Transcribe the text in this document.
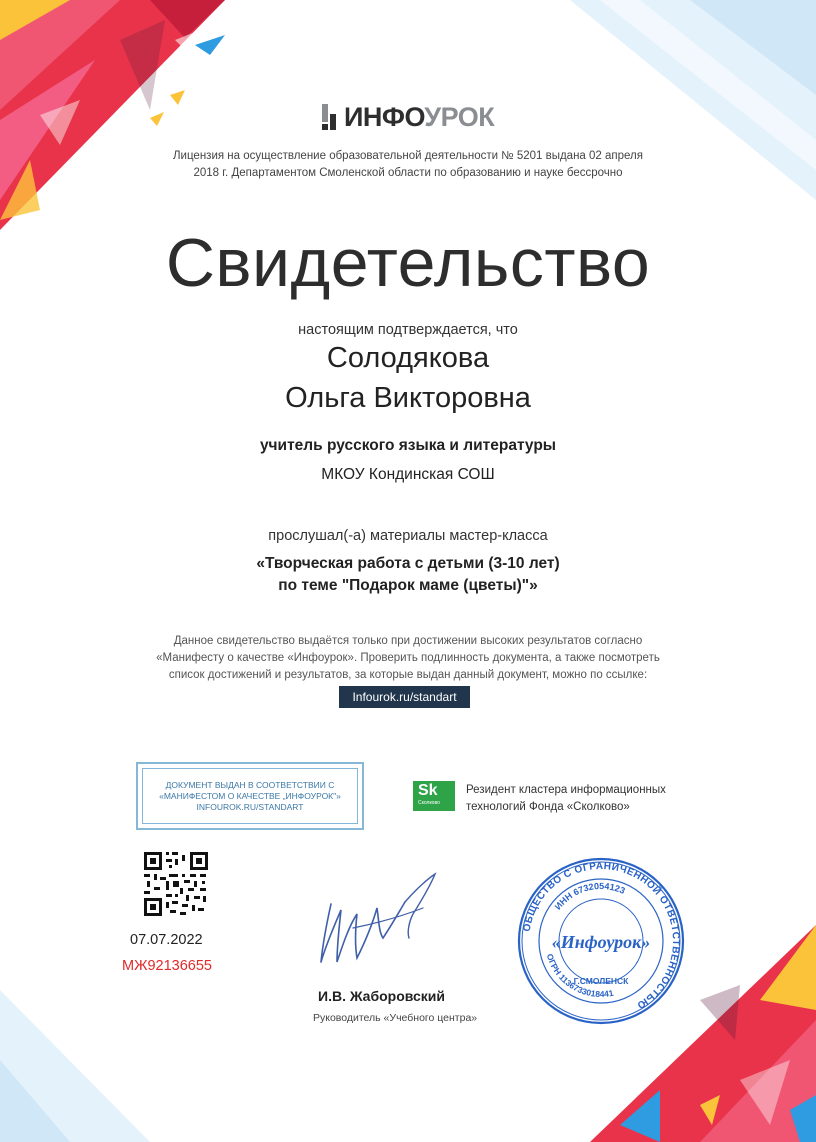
ИНФОУРОК
Лицензия на осуществление образовательной деятельности № 5201 выдана 02 апреля
2018 г. Департаментом Смоленской области по образованию и науке бессрочно
Свидетельство
настоящим подтверждается, что
Солодякова
Ольга Викторовна
учитель русского языка и литературы
МКОУ Кондинская СОШ
прослушал(-а) материалы мастер-класса
«Творческая работа с детьми (3-10 лет)
по теме "Подарок маме (цветы)"»
Данное свидетельство выдаётся только при достижении высоких результатов согласно
«Манифесту о качестве «Инфоурок». Проверить подлинность документа, а также посмотреть
список достижений и результатов, за которые выдан данный документ, можно по ссылке:
Infourok.ru/standart
ДОКУМЕНТ ВЫДАН В СООТВЕТСТВИИ С
«МАНИФЕСТОМ О КАЧЕСТВЕ „ИНФОУРОК"»
INFOUROK.RU/STANDART
Sk
Сколково
Резидент кластера информационных
технологий Фонда «Сколково»
07.07.2022
МЖ92136655
И.В. Жаборовский
Руководитель «Учебного центра»
ОБЩЕСТВО С ОГРАНИЧЕННОЙ ОТВЕТСТВЕННОСТЬЮ
ИНН 6732054123
ОГРН 1136733018441
Г.СМОЛЕНСК
«Инфоурок»
